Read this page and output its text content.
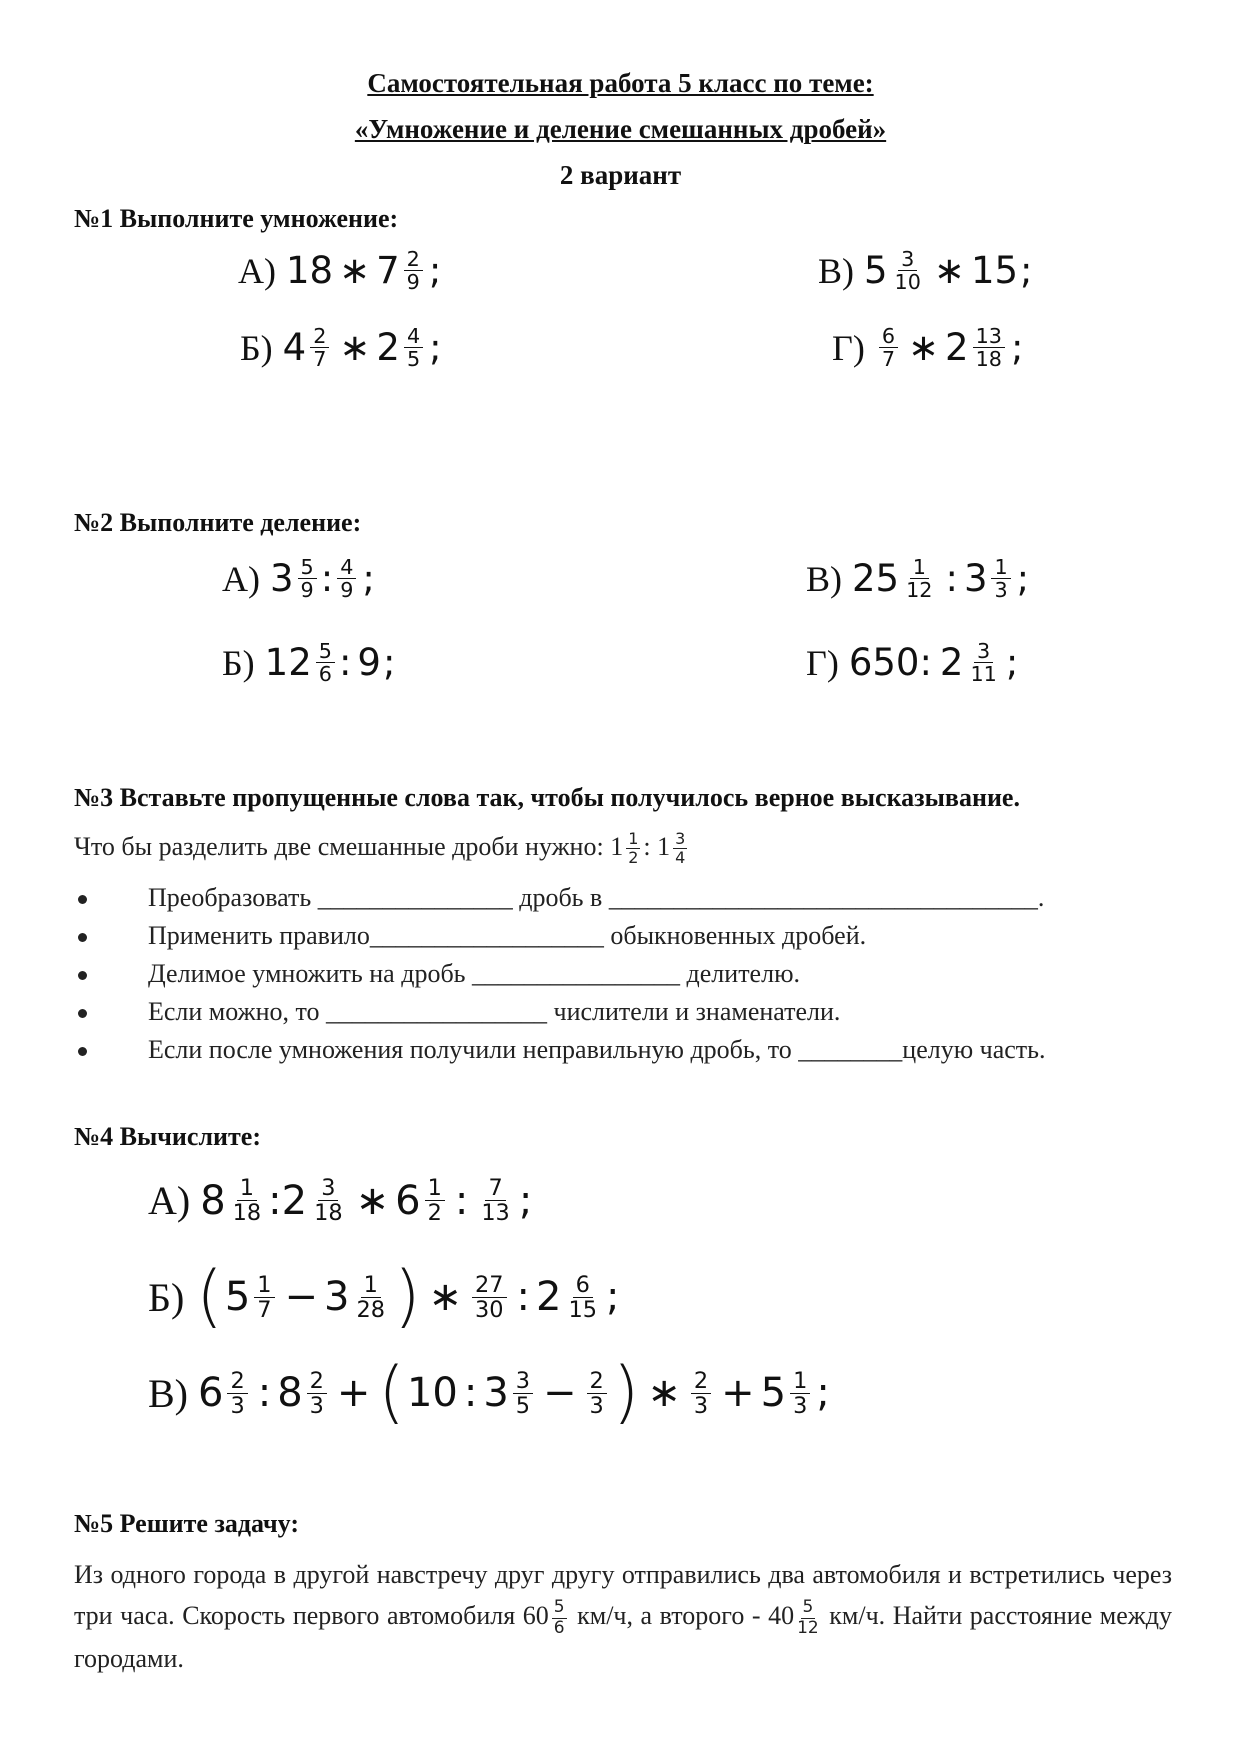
Самостоятельная работа 5 класс по теме:
«Умножение и деление смешанных дробей»
2 вариант
№1 Выполните умножение:
А) 18 ∗ $7 \frac{2}{9}$ ;	В) $5 \frac{3}{10}$ ∗ 15 ;
Б) $4 \frac{2}{7}$ ∗ $2 \frac{4}{5}$ ;	$Г) \frac{6}{7}$ ∗ $2 \frac{13}{18}$ ;
№2 Выполните деление:
А) $3 \frac{5}{9}$ : $\frac{4}{9}$ ;	В) $25 \frac{1}{12}$ : $3 \frac{1}{3}$ ;
Б) $12 \frac{5}{6}$ : 9 ;	Г) 650 : $2 \frac{3}{11}$ ;
№3 Вставьте пропущенные слова так, чтобы получилось верное высказывание.
Что бы разделить две смешанные дроби нужно: $1 \frac{1}{2}$ : $1 \frac{3}{4}$
Преобразовать _______________ дробь в _________________________________.
Применить правило__________________ обыкновенных дробей.
Делимое умножить на дробь ________________ делителю.
Если можно, то _________________ числители и знаменатели.
Если после умножения получили неправильную дробь, то ________целую часть.
№4 Вычислите:
А) $8 \frac{1}{18}$ : $2 \frac{3}{18}$ ∗ $6 \frac{1}{2}$ : $\frac{7}{13}$ ;
Б) ( $5 \frac{1}{7} - 3 \frac{1}{28}$ ) ∗ $\frac{27}{30}$ : $2 \frac{6}{15}$ ;
В) $6 \frac{2}{3}$ : $8 \frac{2}{3}$ + ( 10 : $3 \frac{3}{5} - \frac{2}{3}$ ) ∗ $\frac{2}{3} + 5 \frac{1}{3}$ ;
№5 Решите задачу:
Из одного города в другой навстречу друг другу отправились два автомобиля и встретились через три часа. Скорость первого автомобиля $60 \frac{5}{6} км/ч$, а второго - $40 \frac{5}{12} км/ч$. Найти расстояние между городами.
